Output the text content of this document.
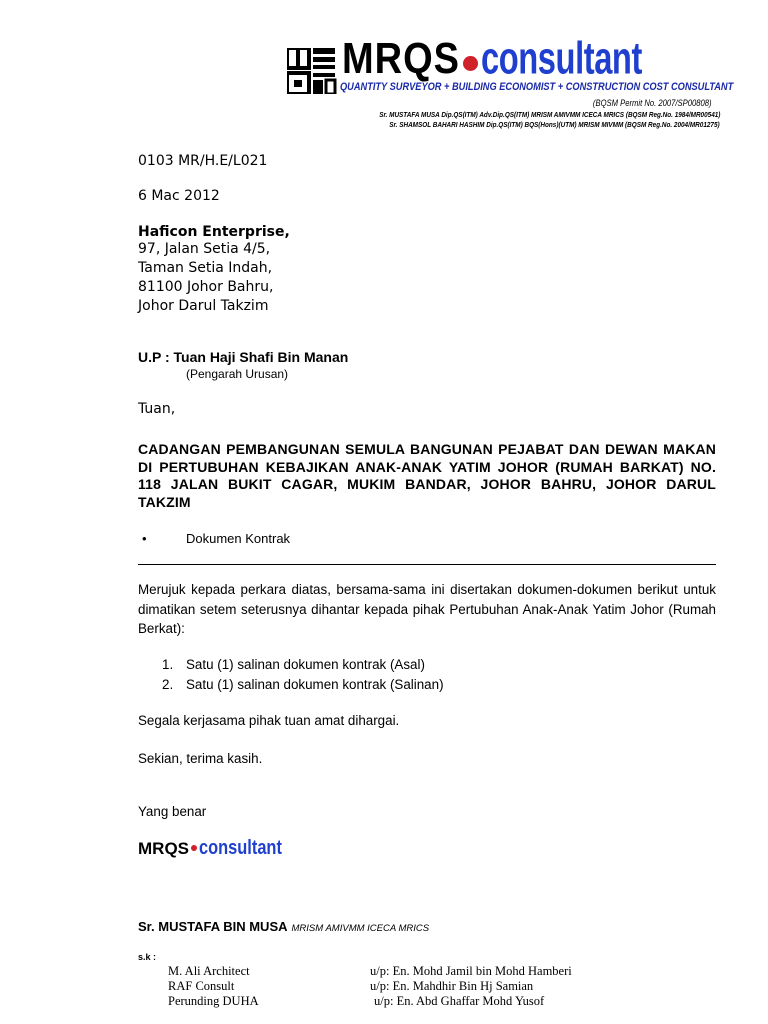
MRQS consultant
QUANTITY SURVEYOR + BUILDING ECONOMIST + CONSTRUCTION COST CONSULTANT
(BQSM Permit No. 2007/SP00808)
Sr. MUSTAFA MUSA Dip.QS(ITM) Adv.Dip.QS(ITM) MRISM AMIVMM ICECA MRICS (BQSM Reg.No. 1984/MR00541)
Sr. SHAMSOL BAHARI HASHIM Dip.QS(ITM) BQS(Hons)(UTM) MRISM MIVMM (BQSM Reg.No. 2004/MR01275)
0103 MR/H.E/L021
6 Mac 2012
Haficon Enterprise,
97, Jalan Setia 4/5,
Taman Setia Indah,
81100 Johor Bahru,
Johor Darul Takzim
U.P : Tuan Haji Shafi Bin Manan
(Pengarah Urusan)
Tuan,
CADANGAN PEMBANGUNAN SEMULA BANGUNAN PEJABAT DAN DEWAN MAKAN DI PERTUBUHAN KEBAJIKAN ANAK-ANAK YATIM JOHOR (RUMAH BARKAT) NO. 118 JALAN BUKIT CAGAR, MUKIM BANDAR, JOHOR BAHRU, JOHOR DARUL TAKZIM
•	Dokumen Kontrak
Merujuk kepada perkara diatas, bersama-sama ini disertakan dokumen-dokumen berikut untuk dimatikan setem seterusnya dihantar kepada pihak Pertubuhan Anak-Anak Yatim Johor (Rumah Berkat):
1. Satu (1) salinan dokumen kontrak (Asal)
2. Satu (1) salinan dokumen kontrak (Salinan)
Segala kerjasama pihak tuan amat dihargai.
Sekian, terima kasih.
Yang benar
MRQS consultant
Sr. MUSTAFA BIN MUSA MRISM AMIVMM ICECA MRICS
s.k :
M. Ali Architect	u/p: En. Mohd Jamil bin Mohd Hamberi
RAF Consult	u/p: En. Mahdhir Bin Hj Samian
Perunding DUHA	u/p: En. Abd Ghaffar Mohd Yusof
